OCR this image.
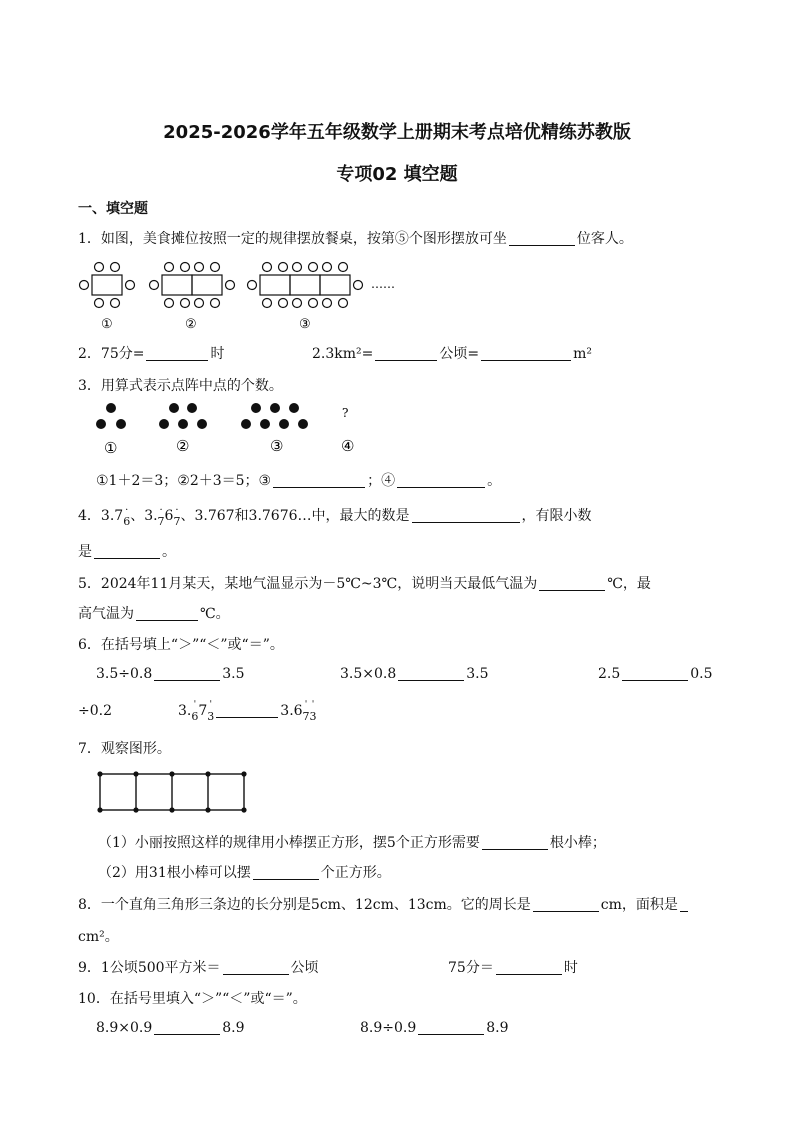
2025-2026学年五年级数学上册期末考点培优精练苏教版
专项02 填空题
一、填空题
1．如图，美食摊位按照一定的规律摆放餐桌，按第⑤个图形摆放可坐	位客人。
①	②	③
……
2．75分=	时	2.3km²=	公顷=	m²
3．用算式表示点阵中点的个数。
?
①	②	③	④
①1＋2＝3；②2＋3＝5；③	；④	。
4．3.7 ·
6、3. ·
76 ·
7、3.767和3.7676…中，最大的数是	，有限小数
是	。
5．2024年11月某天，某地气温显示为－5℃~3℃，说明当天最低气温为	℃，最
高气温为	℃。
6．在括号填上“＞”“＜”或“＝”。
3.5÷0.8	3.5	3.5×0.8	3.5	2.5	0.5
÷0.2	3. ˈ
67 ˈ
3	3.6 ˈ
7
ˈ
3
7．观察图形。
（1）小丽按照这样的规律用小棒摆正方形，摆5个正方形需要	根小棒；
（2）用31根小棒可以摆	个正方形。
8．一个直角三角形三条边的长分别是5cm、12cm、13cm。它的周长是	cm，面积是
cm²。
9．1公顷500平方米＝	公顷	75分＝	时
10．在括号里填入“＞”“＜”或“＝”。
8.9×0.9	8.9	8.9÷0.9	8.9
